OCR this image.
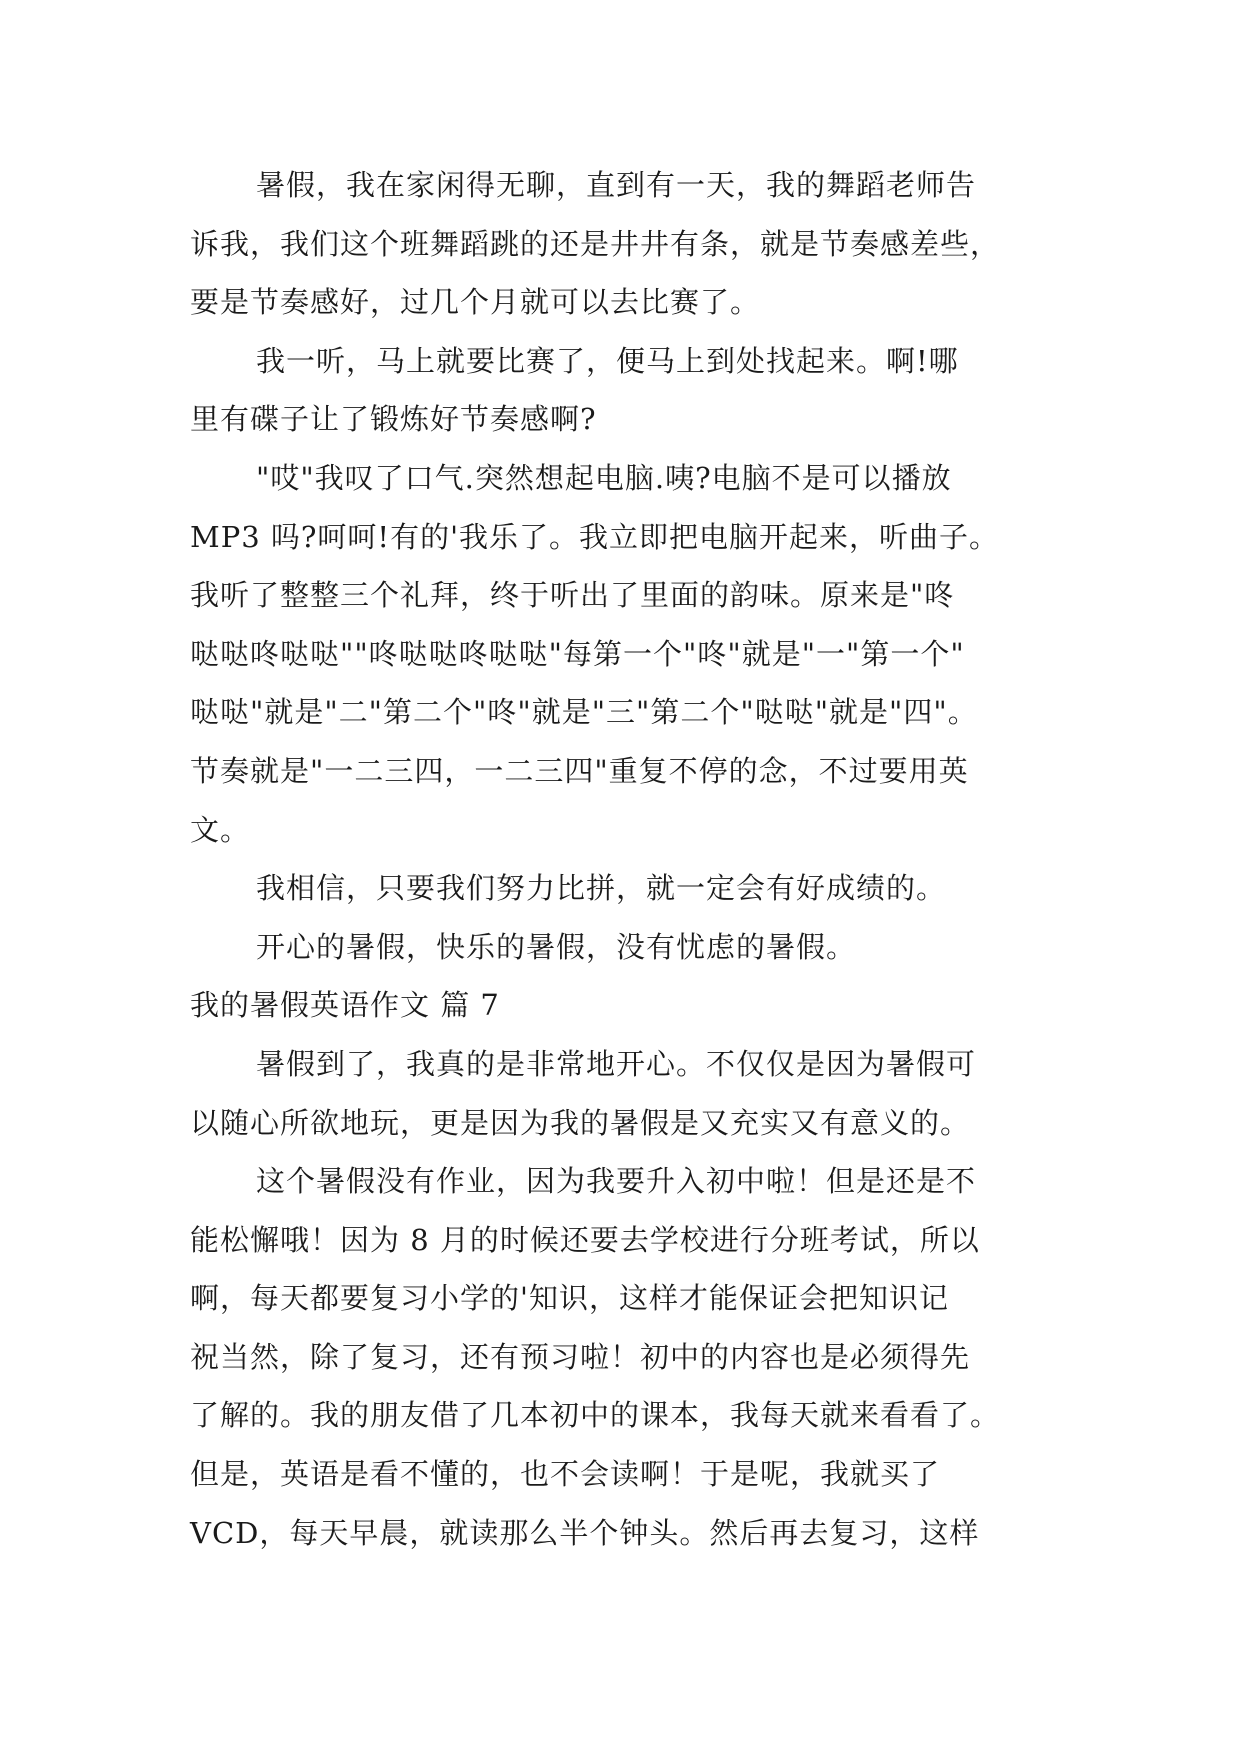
暑假，我在家闲得无聊，直到有一天，我的舞蹈老师告
诉我，我们这个班舞蹈跳的还是井井有条，就是节奏感差些，
要是节奏感好，过几个月就可以去比赛了。
我一听，马上就要比赛了，便马上到处找起来。啊!哪
里有碟子让了锻炼好节奏感啊?
"哎"我叹了口气.突然想起电脑.咦?电脑不是可以播放
MP3 吗?呵呵!有的'我乐了。我立即把电脑开起来，听曲子。
我听了整整三个礼拜，终于听出了里面的韵味。原来是"咚
哒哒咚哒哒""咚哒哒咚哒哒"每第一个"咚"就是"一"第一个"
哒哒"就是"二"第二个"咚"就是"三"第二个"哒哒"就是"四"。
节奏就是"一二三四，一二三四"重复不停的念，不过要用英
文。
我相信，只要我们努力比拼，就一定会有好成绩的。
开心的暑假，快乐的暑假，没有忧虑的暑假。
我的暑假英语作文 篇 7
暑假到了，我真的是非常地开心。不仅仅是因为暑假可
以随心所欲地玩，更是因为我的暑假是又充实又有意义的。
这个暑假没有作业，因为我要升入初中啦！但是还是不
能松懈哦！因为 8 月的时候还要去学校进行分班考试，所以
啊，每天都要复习小学的'知识，这样才能保证会把知识记
祝当然，除了复习，还有预习啦！初中的内容也是必须得先
了解的。我的朋友借了几本初中的课本，我每天就来看看了。
但是，英语是看不懂的，也不会读啊！于是呢，我就买了
VCD，每天早晨，就读那么半个钟头。然后再去复习，这样
